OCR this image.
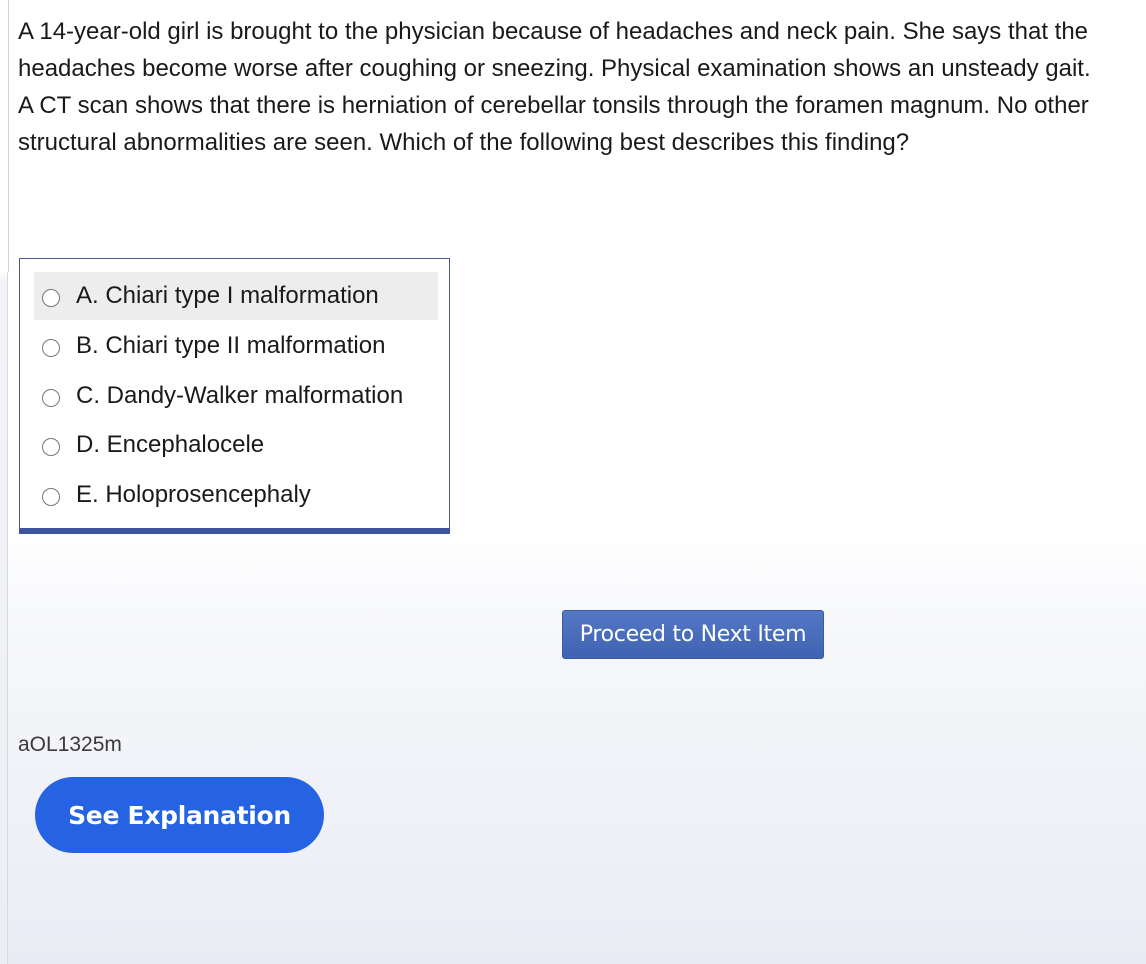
A 14-year-old girl is brought to the physician because of headaches and neck pain. She says that the headaches become worse after coughing or sneezing. Physical examination shows an unsteady gait. A CT scan shows that there is herniation of cerebellar tonsils through the foramen magnum. No other structural abnormalities are seen. Which of the following best describes this finding?

A. Chiari type I malformation
B. Chiari type II malformation
C. Dandy-Walker malformation
D. Encephalocele
E. Holoprosencephaly
Proceed to Next Item
aOL1325m
See Explanation
